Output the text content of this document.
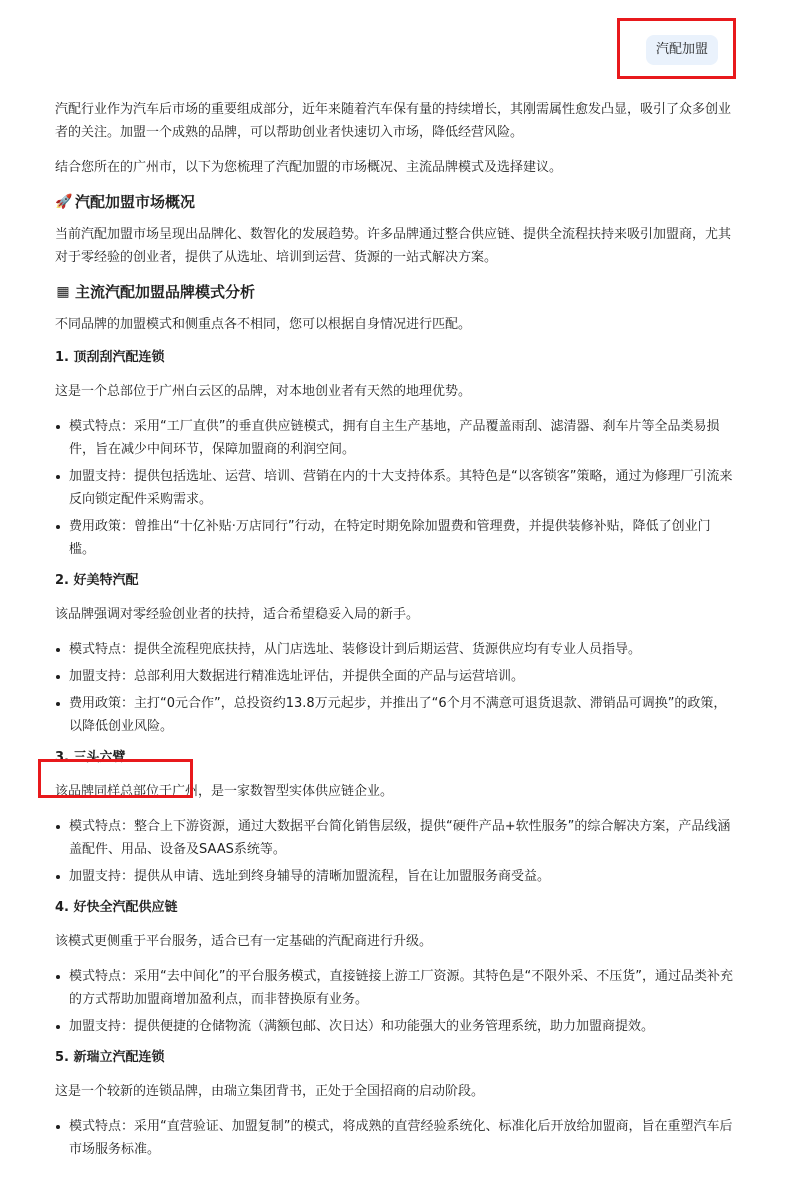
汽配加盟

汽配行业作为汽车后市场的重要组成部分，近年来随着汽车保有量的持续增长，其刚需属性愈发凸显，吸引了众多创业者的关注。加盟一个成熟的品牌，可以帮助创业者快速切入市场，降低经营风险。

结合您所在的广州市，以下为您梳理了汽配加盟的市场概况、主流品牌模式及选择建议。

🚀 汽配加盟市场概况

当前汽配加盟市场呈现出品牌化、数智化的发展趋势。许多品牌通过整合供应链、提供全流程扶持来吸引加盟商，尤其对于零经验的创业者，提供了从选址、培训到运营、货源的一站式解决方案。

▦ 主流汽配加盟品牌模式分析

不同品牌的加盟模式和侧重点各不相同，您可以根据自身情况进行匹配。

1. 顶刮刮汽配连锁

这是一个总部位于广州白云区的品牌，对本地创业者有天然的地理优势。

模式特点：采用“工厂直供”的垂直供应链模式，拥有自主生产基地，产品覆盖雨刮、滤清器、刹车片等全品类易损件，旨在减少中间环节，保障加盟商的利润空间。
加盟支持：提供包括选址、运营、培训、营销在内的十大支持体系。其特色是“以客锁客”策略，通过为修理厂引流来反向锁定配件采购需求。
费用政策：曾推出“十亿补贴·万店同行”行动，在特定时期免除加盟费和管理费，并提供装修补贴，降低了创业门槛。
2. 好美特汽配

该品牌强调对零经验创业者的扶持，适合希望稳妥入局的新手。

模式特点：提供全流程兜底扶持，从门店选址、装修设计到后期运营、货源供应均有专业人员指导。
加盟支持：总部利用大数据进行精准选址评估，并提供全面的产品与运营培训。
费用政策：主打“0元合作”，总投资约13.8万元起步，并推出了“6个月不满意可退货退款、滞销品可调换”的政策，以降低创业风险。
3. 三头六臂

该品牌同样总部位于广州，是一家数智型实体供应链企业。

模式特点：整合上下游资源，通过大数据平台简化销售层级，提供“硬件产品+软性服务”的综合解决方案，产品线涵盖配件、用品、设备及SAAS系统等。
加盟支持：提供从申请、选址到终身辅导的清晰加盟流程，旨在让加盟服务商受益。
4. 好快全汽配供应链

该模式更侧重于平台服务，适合已有一定基础的汽配商进行升级。

模式特点：采用“去中间化”的平台服务模式，直接链接上游工厂资源。其特色是“不限外采、不压货”，通过品类补充的方式帮助加盟商增加盈利点，而非替换原有业务。
加盟支持：提供便捷的仓储物流（满额包邮、次日达）和功能强大的业务管理系统，助力加盟商提效。
5. 新瑞立汽配连锁

这是一个较新的连锁品牌，由瑞立集团背书，正处于全国招商的启动阶段。

模式特点：采用“直营验证、加盟复制”的模式，将成熟的直营经验系统化、标准化后开放给加盟商，旨在重塑汽车后市场服务标准。
